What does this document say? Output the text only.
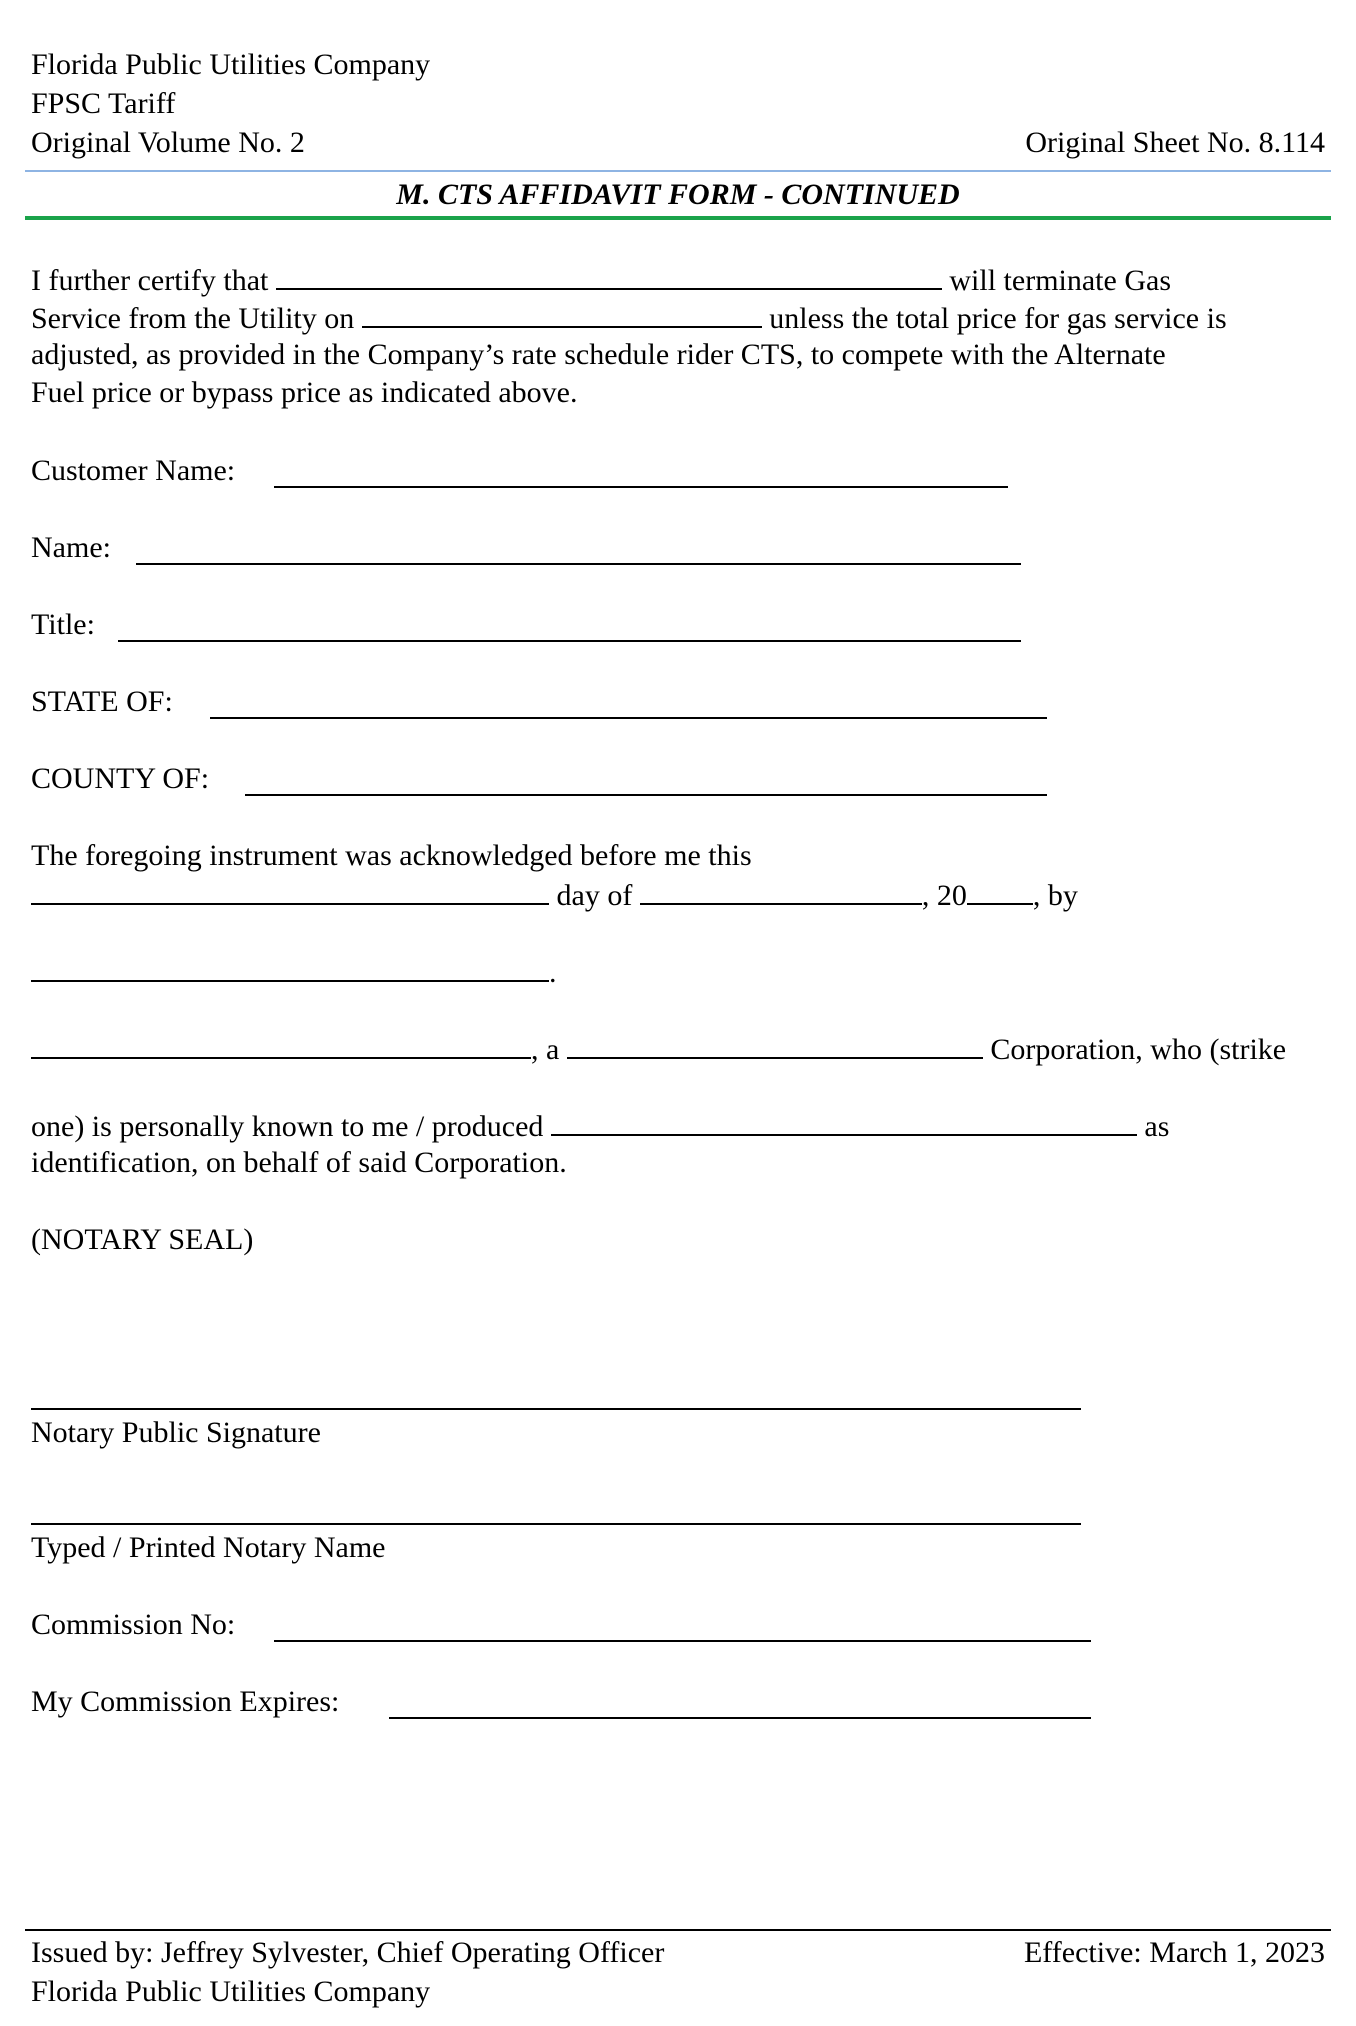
Florida Public Utilities Company
FPSC Tariff
Original Volume No. 2	Original Sheet No. 8.114
M. CTS AFFIDAVIT FORM - CONTINUED
I further certify that	will terminate Gas
Service from the Utility on	unless the total price for gas service is
adjusted, as provided in the Company’s rate schedule rider CTS, to compete with the Alternate
Fuel price or bypass price as indicated above.
Customer Name:
Name:
Title:
STATE OF:
COUNTY OF:
The foregoing instrument was acknowledged before me this
day of	, 20 , by
.
, a	Corporation, who (strike
one) is personally known to me / produced	as
identification, on behalf of said Corporation.
(NOTARY SEAL)
Notary Public Signature
Typed / Printed Notary Name
Commission No:
My Commission Expires:
Issued by: Jeffrey Sylvester, Chief Operating Officer	Effective: March 1, 2023
Florida Public Utilities Company
